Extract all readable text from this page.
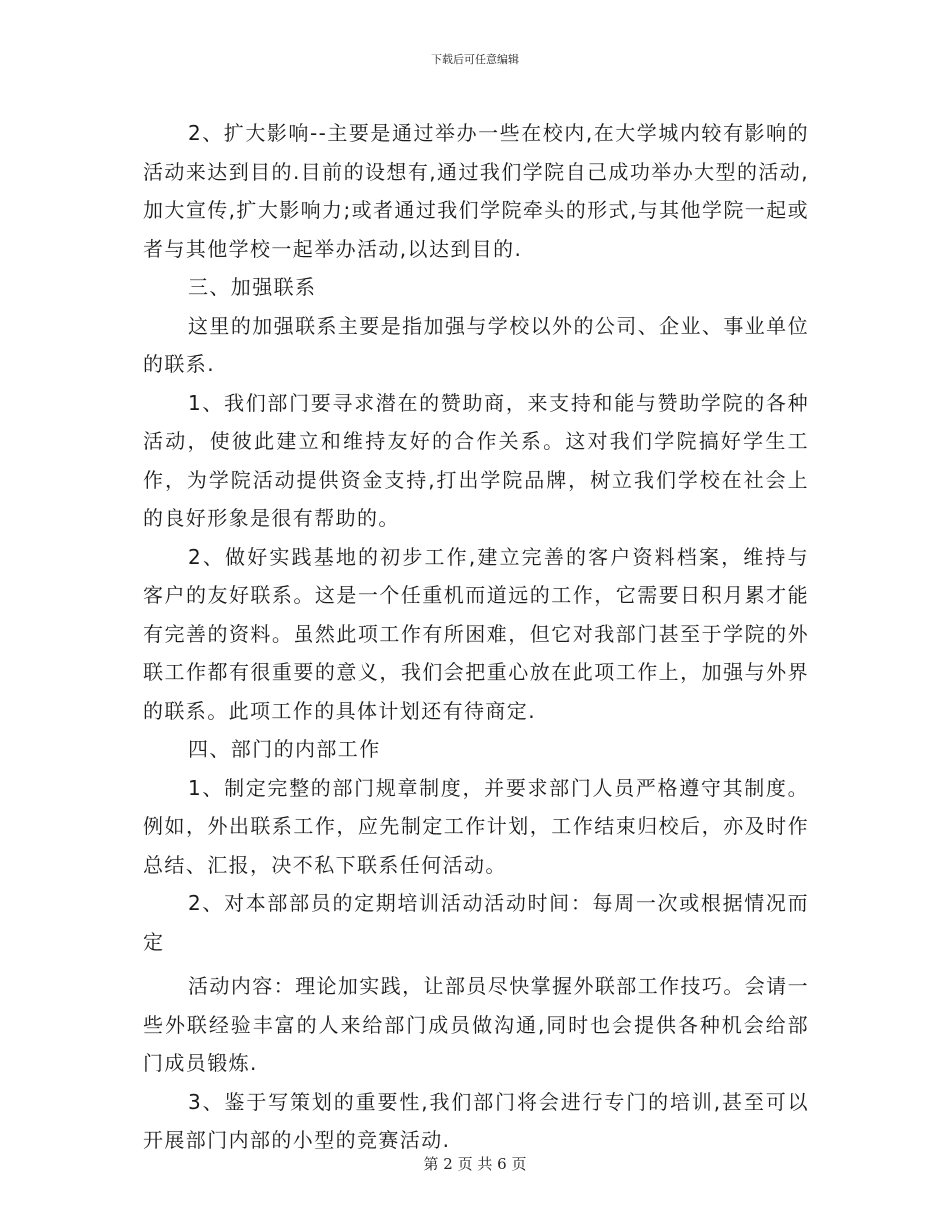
下载后可任意编辑

2、扩大影响--主要是通过举办一些在校内,在大学城内较有影响的活动来达到目的.目前的设想有,通过我们学院自己成功举办大型的活动,加大宣传,扩大影响力;或者通过我们学院牵头的形式,与其他学院一起或者与其他学校一起举办活动,以达到目的.

三、加强联系

这里的加强联系主要是指加强与学校以外的公司、企业、事业单位的联系.

1、我们部门要寻求潜在的赞助商，来支持和能与赞助学院的各种活动，使彼此建立和维持友好的合作关系。这对我们学院搞好学生工作，为学院活动提供资金支持,打出学院品牌，树立我们学校在社会上的良好形象是很有帮助的。

2、做好实践基地的初步工作,建立完善的客户资料档案，维持与客户的友好联系。这是一个任重机而道远的工作，它需要日积月累才能有完善的资料。虽然此项工作有所困难，但它对我部门甚至于学院的外联工作都有很重要的意义，我们会把重心放在此项工作上，加强与外界的联系。此项工作的具体计划还有待商定.

四、部门的内部工作

1、制定完整的部门规章制度，并要求部门人员严格遵守其制度。例如，外出联系工作，应先制定工作计划，工作结束归校后，亦及时作总结、汇报，决不私下联系任何活动。

2、对本部部员的定期培训活动活动时间：每周一次或根据情况而定

活动内容：理论加实践，让部员尽快掌握外联部工作技巧。会请一些外联经验丰富的人来给部门成员做沟通,同时也会提供各种机会给部门成员锻炼.

3、鉴于写策划的重要性,我们部门将会进行专门的培训,甚至可以开展部门内部的小型的竞赛活动.

第 2 页 共 6 页
